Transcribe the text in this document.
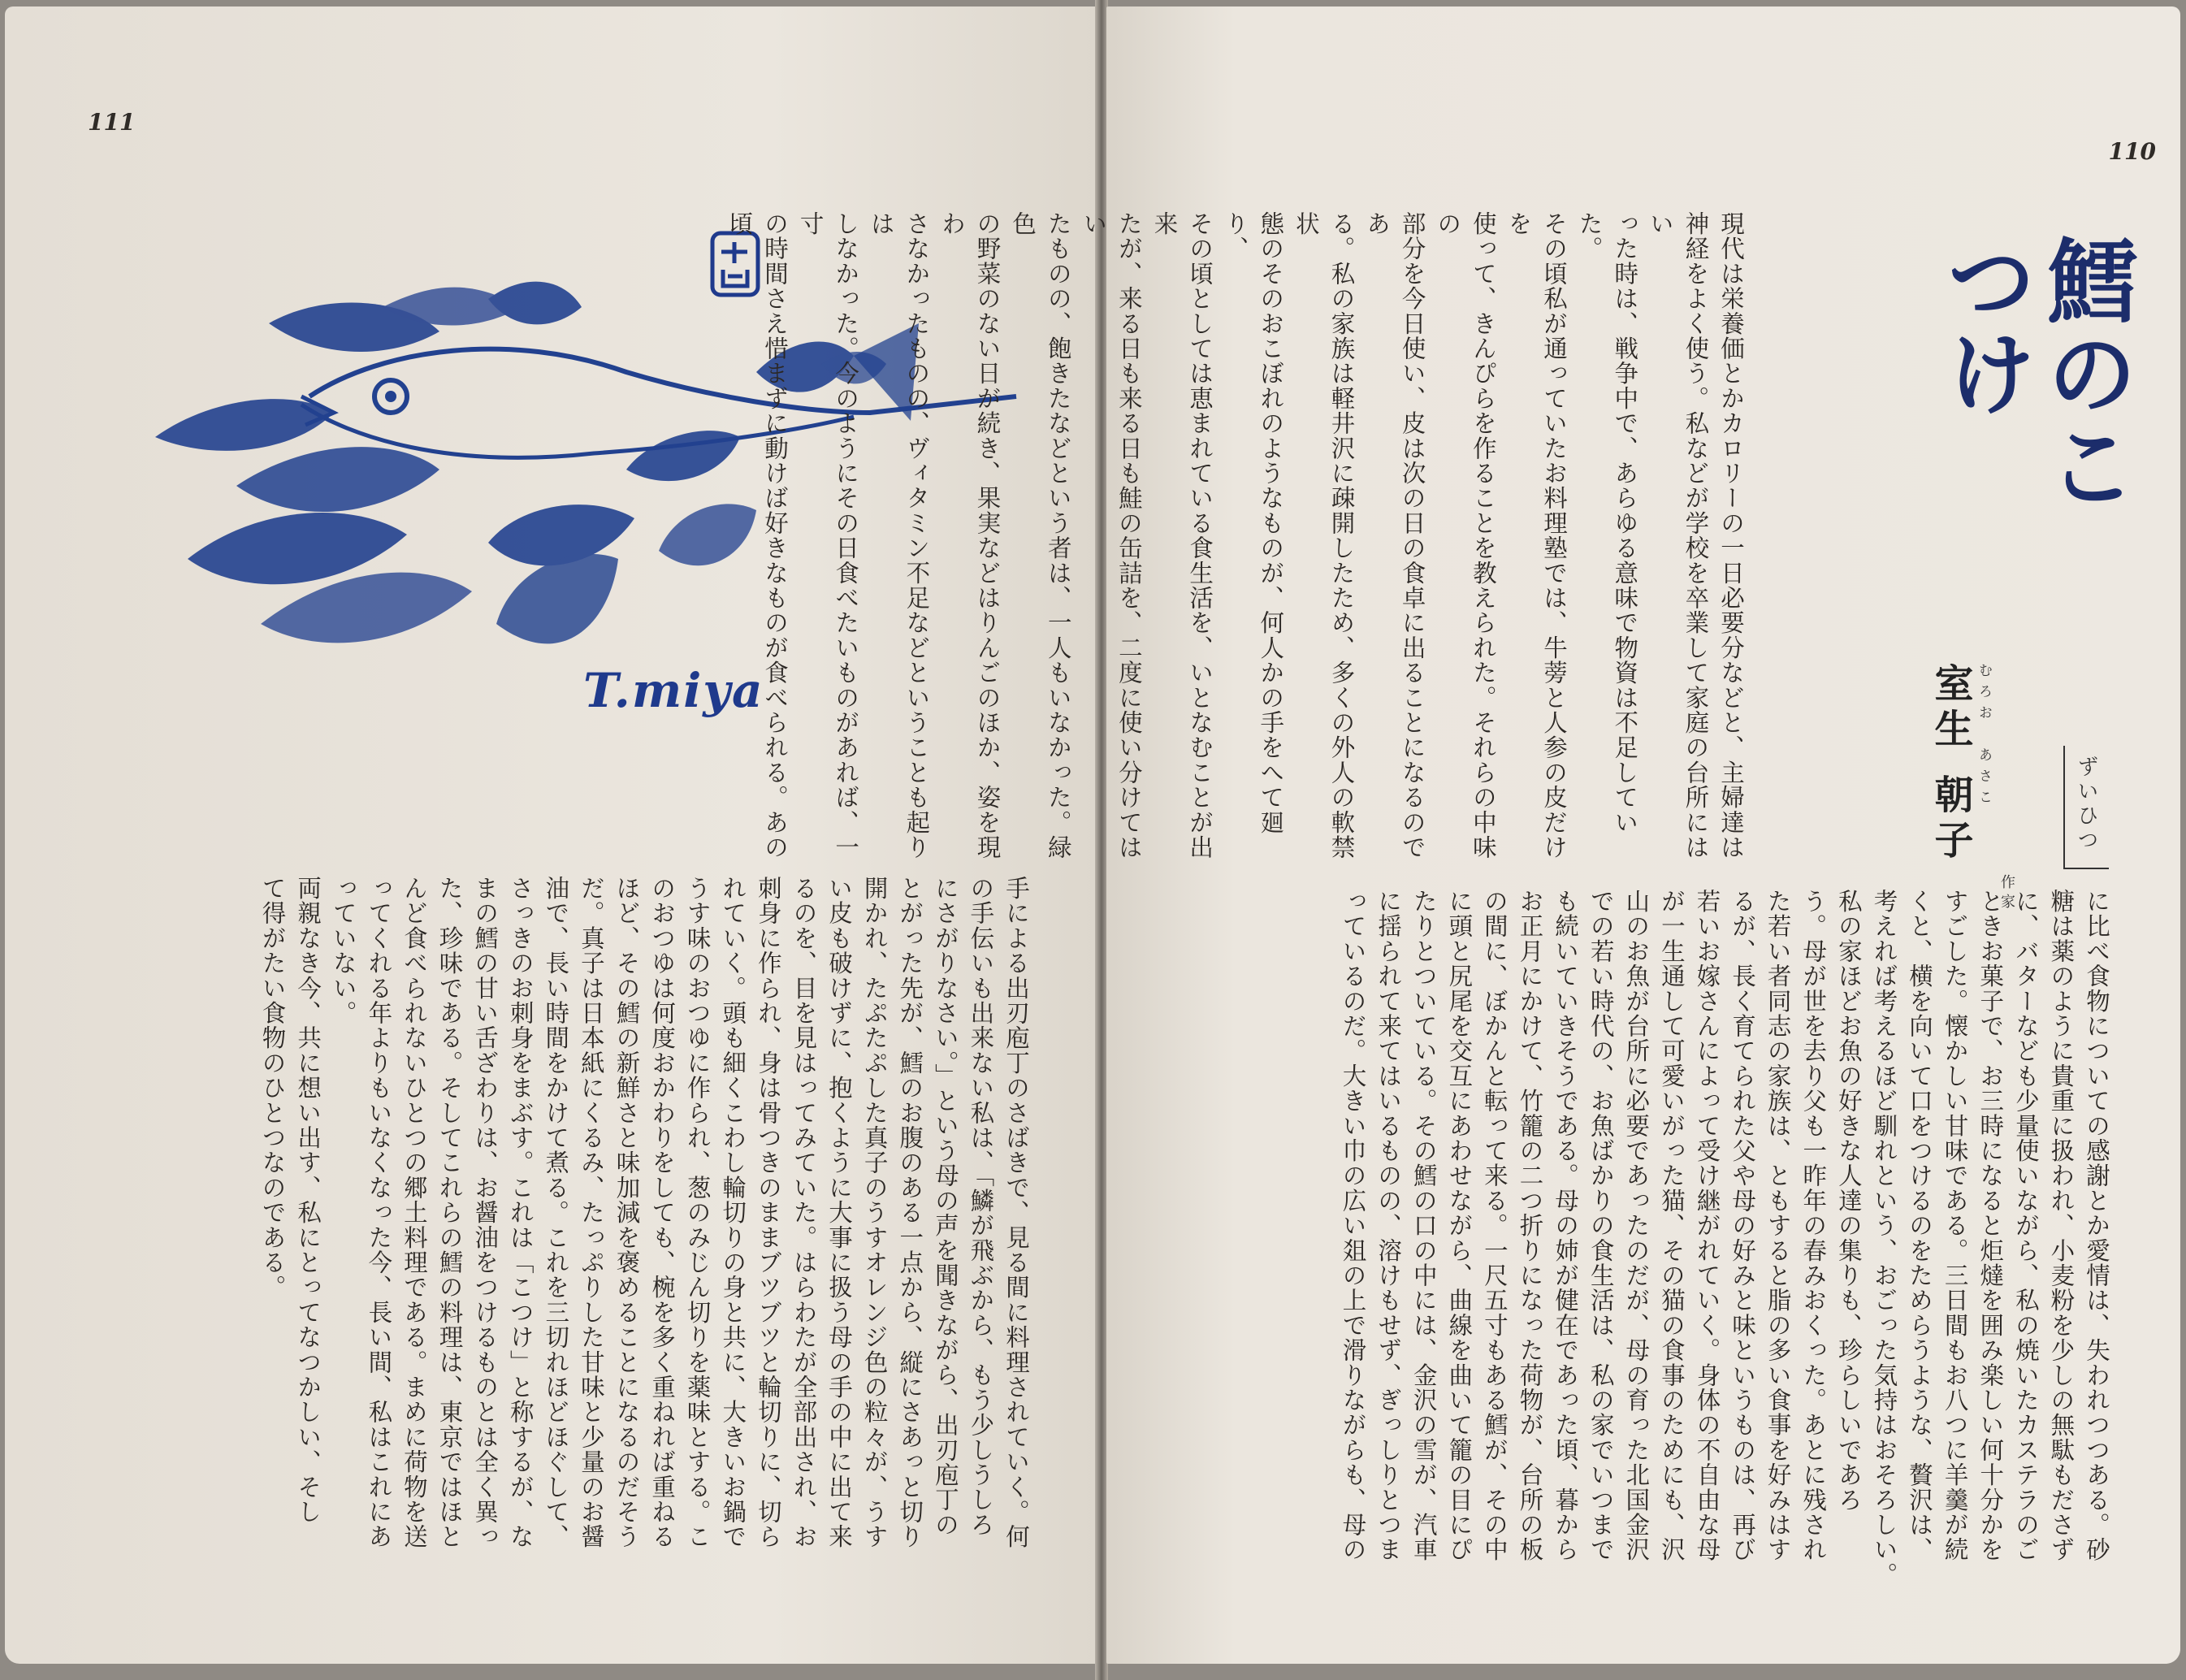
111
T.miya
手による出刃庖丁のさばきで、見る間に料理されていく。何
の手伝いも出来ない私は、「鱗が飛ぶから、もう少しうしろ
にさがりなさい。」という母の声を聞きながら、出刃庖丁の
とがった先が、鱈のお腹のある一点から、縦にさあっと切り
開かれ、たぷたぷした真子のうすオレンジ色の粒々が、うす
い皮も破けずに、抱くように大事に扱う母の手の中に出て来
るのを、目を見はってみていた。はらわたが全部出され、お
刺身に作られ、身は骨つきのままブツブツと輪切りに、切ら
れていく。頭も細くこわし輪切りの身と共に、大きいお鍋で
うす味のおつゆに作られ、葱のみじん切りを薬味とする。こ
のおつゆは何度おかわりをしても、椀を多く重ねれば重ねる
ほど、その鱈の新鮮さと味加減を褒めることになるのだそう
だ。真子は日本紙にくるみ、たっぷりした甘味と少量のお醤
油で、長い時間をかけて煮る。これを三切れほどほぐして、
さっきのお刺身をまぶす。これは「こつけ」と称するが、な
まの鱈の甘い舌ざわりは、お醤油をつけるものとは全く異っ
た、珍味である。そしてこれらの鱈の料理は、東京ではほと
んど食べられないひとつの郷土料理である。まめに荷物を送
ってくれる年よりもいなくなった今、長い間、私はこれにあ
っていない。
両親なき今、共に想い出す、私にとってなつかしい、そし
て得がたい食物のひとつなのである。
110
鱈のこつけ
ずいひつ
室生 朝子 むろお　あさこ
作家
現代は栄養価とかカロリーの一日必要分などと、主婦達は
神経をよく使う。私などが学校を卒業して家庭の台所にはい
った時は、戦争中で、あらゆる意味で物資は不足していた。
その頃私が通っていたお料理塾では、牛蒡と人参の皮だけを
使って、きんぴらを作ることを教えられた。それらの中味の
部分を今日使い、皮は次の日の食卓に出ることになるのであ
る。私の家族は軽井沢に疎開したため、多くの外人の軟禁状
態のそのおこぼれのようなものが、何人かの手をへて廻り、
その頃としては恵まれている食生活を、いとなむことが出来
たが、来る日も来る日も鮭の缶詰を、二度に使い分けてはい
たものの、飽きたなどという者は、一人もいなかった。緑色
の野菜のない日が続き、果実などはりんごのほか、姿を現わ
さなかったものの、ヴィタミン不足などということも起りは
しなかった。今のようにその日食べたいものがあれば、一寸
の時間さえ惜まずに動けば好きなものが食べられる。あの頃
に比べ食物についての感謝とか愛情は、失われつつある。砂
糖は薬のように貴重に扱われ、小麦粉を少しの無駄もださず
に、バターなども少量使いながら、私の焼いたカステラのご
ときお菓子で、お三時になると炬燵を囲み楽しい何十分かを
すごした。懐かしい甘味である。三日間もお八つに羊羹が続
くと、横を向いて口をつけるのをためらうような、贅沢は、
考えれば考えるほど馴れという、おごった気持はおそろしい。
私の家ほどお魚の好きな人達の集りも、珍らしいであろ
う。母が世を去り父も一昨年の春みおくった。あとに残され
た若い者同志の家族は、ともすると脂の多い食事を好みはす
るが、長く育てられた父や母の好みと味というものは、再び
若いお嫁さんによって受け継がれていく。身体の不自由な母
が一生通して可愛いがった猫、その猫の食事のためにも、沢
山のお魚が台所に必要であったのだが、母の育った北国金沢
での若い時代の、お魚ばかりの食生活は、私の家でいつまで
も続いていきそうである。母の姉が健在であった頃、暮から
お正月にかけて、竹籠の二つ折りになった荷物が、台所の板
の間に、ぼかんと転って来る。一尺五寸もある鱈が、その中
に頭と尻尾を交互にあわせながら、曲線を曲いて籠の目にぴ
たりとついている。その鱈の口の中には、金沢の雪が、汽車
に揺られて来てはいるものの、溶けもせず、ぎっしりとつま
っているのだ。大きい巾の広い爼の上で滑りながらも、母の
